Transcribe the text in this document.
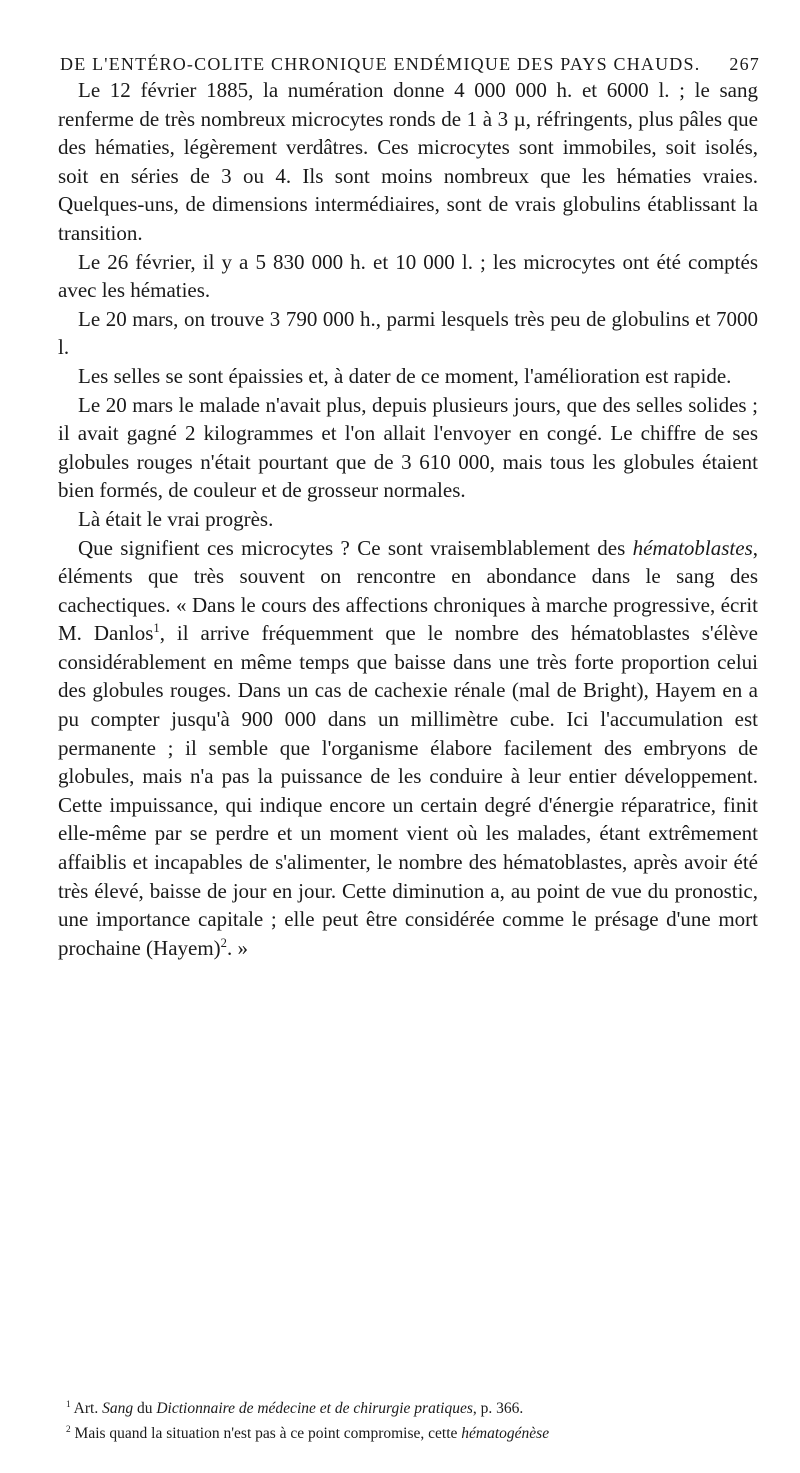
DE L'ENTÉRO-COLITE CHRONIQUE ENDÉMIQUE DES PAYS CHAUDS. 267

Le 12 février 1885, la numération donne 4 000 000 h. et 6000 l. ; le sang renferme de très nombreux microcytes ronds de 1 à 3 µ, réfringents, plus pâles que des hématies, légèrement verdâtres. Ces microcytes sont immobiles, soit isolés, soit en séries de 3 ou 4. Ils sont moins nombreux que les hématies vraies. Quelques-uns, de dimensions intermédiaires, sont de vrais globulins établissant la transition.

Le 26 février, il y a 5 830 000 h. et 10 000 l. ; les microcytes ont été comptés avec les hématies.

Le 20 mars, on trouve 3 790 000 h., parmi lesquels très peu de globulins et 7000 l.

Les selles se sont épaissies et, à dater de ce moment, l'amélioration est rapide.

Le 20 mars le malade n'avait plus, depuis plusieurs jours, que des selles solides ; il avait gagné 2 kilogrammes et l'on allait l'envoyer en congé. Le chiffre de ses globules rouges n'était pourtant que de 3 610 000, mais tous les globules étaient bien formés, de couleur et de grosseur normales.

Là était le vrai progrès.

Que signifient ces microcytes ? Ce sont vraisemblablement des hématoblastes, éléments que très souvent on rencontre en abondance dans le sang des cachectiques. « Dans le cours des affections chroniques à marche progressive, écrit M. Danlos$^1$, il arrive fréquemment que le nombre des hématoblastes s'élève considérablement en même temps que baisse dans une très forte proportion celui des globules rouges. Dans un cas de cachexie rénale (mal de Bright), Hayem en a pu compter jusqu'à 900 000 dans un millimètre cube. Ici l'accumulation est permanente ; il semble que l'organisme élabore facilement des embryons de globules, mais n'a pas la puissance de les conduire à leur entier développement. Cette impuissance, qui indique encore un certain degré d'énergie réparatrice, finit elle-même par se perdre et un moment vient où les malades, étant extrêmement affaiblis et incapables de s'alimenter, le nombre des hématoblastes, après avoir été très élevé, baisse de jour en jour. Cette diminution a, au point de vue du pronostic, une importance capitale ; elle peut être considérée comme le présage d'une mort prochaine (Hayem)$^2$. »

$^1$ Art. Sang du Dictionnaire de médecine et de chirurgie pratiques, p. 366.

$^2$ Mais quand la situation n'est pas à ce point compromise, cette hématogénèse
